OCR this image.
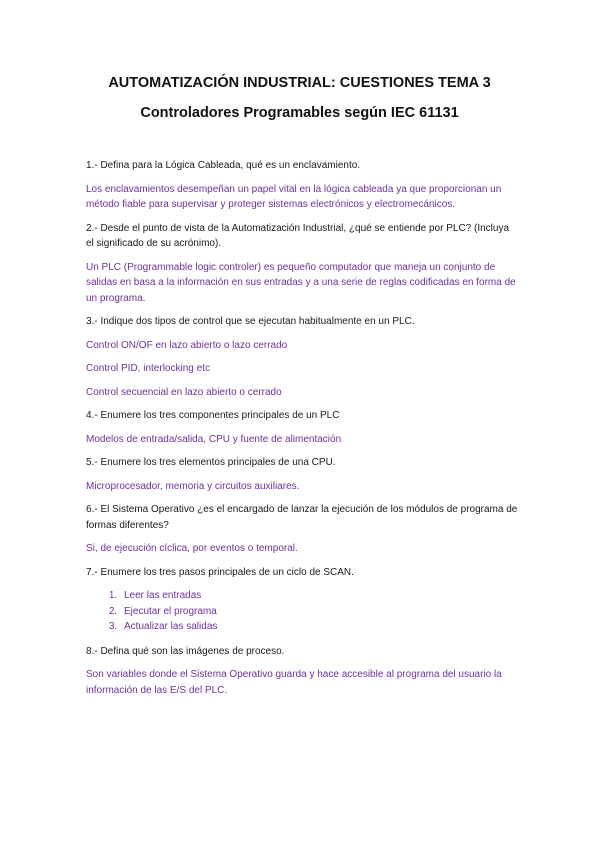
AUTOMATIZACIÓN INDUSTRIAL: CUESTIONES TEMA 3
Controladores Programables según IEC 61131

1.- Defina para la Lógica Cableada, qué es un enclavamiento.

Los enclavamientos desempeñan un papel vital en la lógica cableada ya que proporcionan un método fiable para supervisar y proteger sistemas electrónicos y electromecánicos.

2.- Desde el punto de vista de la Automatización Industrial, ¿qué se entiende por PLC? (Incluya el significado de su acrónimo).

Un PLC (Programmable logic controler) es pequeño computador que maneja un conjunto de salidas en basa a la información en sus entradas y a una serie de reglas codificadas en forma de un programa.

3.- Indique dos tipos de control que se ejecutan habitualmente en un PLC.

Control ON/OF en lazo abierto o lazo cerrado

Control PID, interlocking etc

Control secuencial en lazo abierto o cerrado

4.- Enumere los tres componentes principales de un PLC

Modelos de entrada/salida, CPU y fuente de alimentación

5.- Enumere los tres elementos principales de una CPU.

Microprocesador, memoria y circuitos auxiliares.

6.- El Sistema Operativo ¿es el encargado de lanzar la ejecución de los módulos de programa de formas diferentes?

Si, de ejecución cíclica, por eventos o temporal.

7.- Enumere los tres pasos principales de un ciclo de SCAN.

1. Leer las entradas
2. Ejecutar el programa
3. Actualizar las salidas

8.- Defina qué son las imágenes de proceso.

Son variables donde el Sistema Operativo guarda y hace accesible al programa del usuario la información de las E/S del PLC.
